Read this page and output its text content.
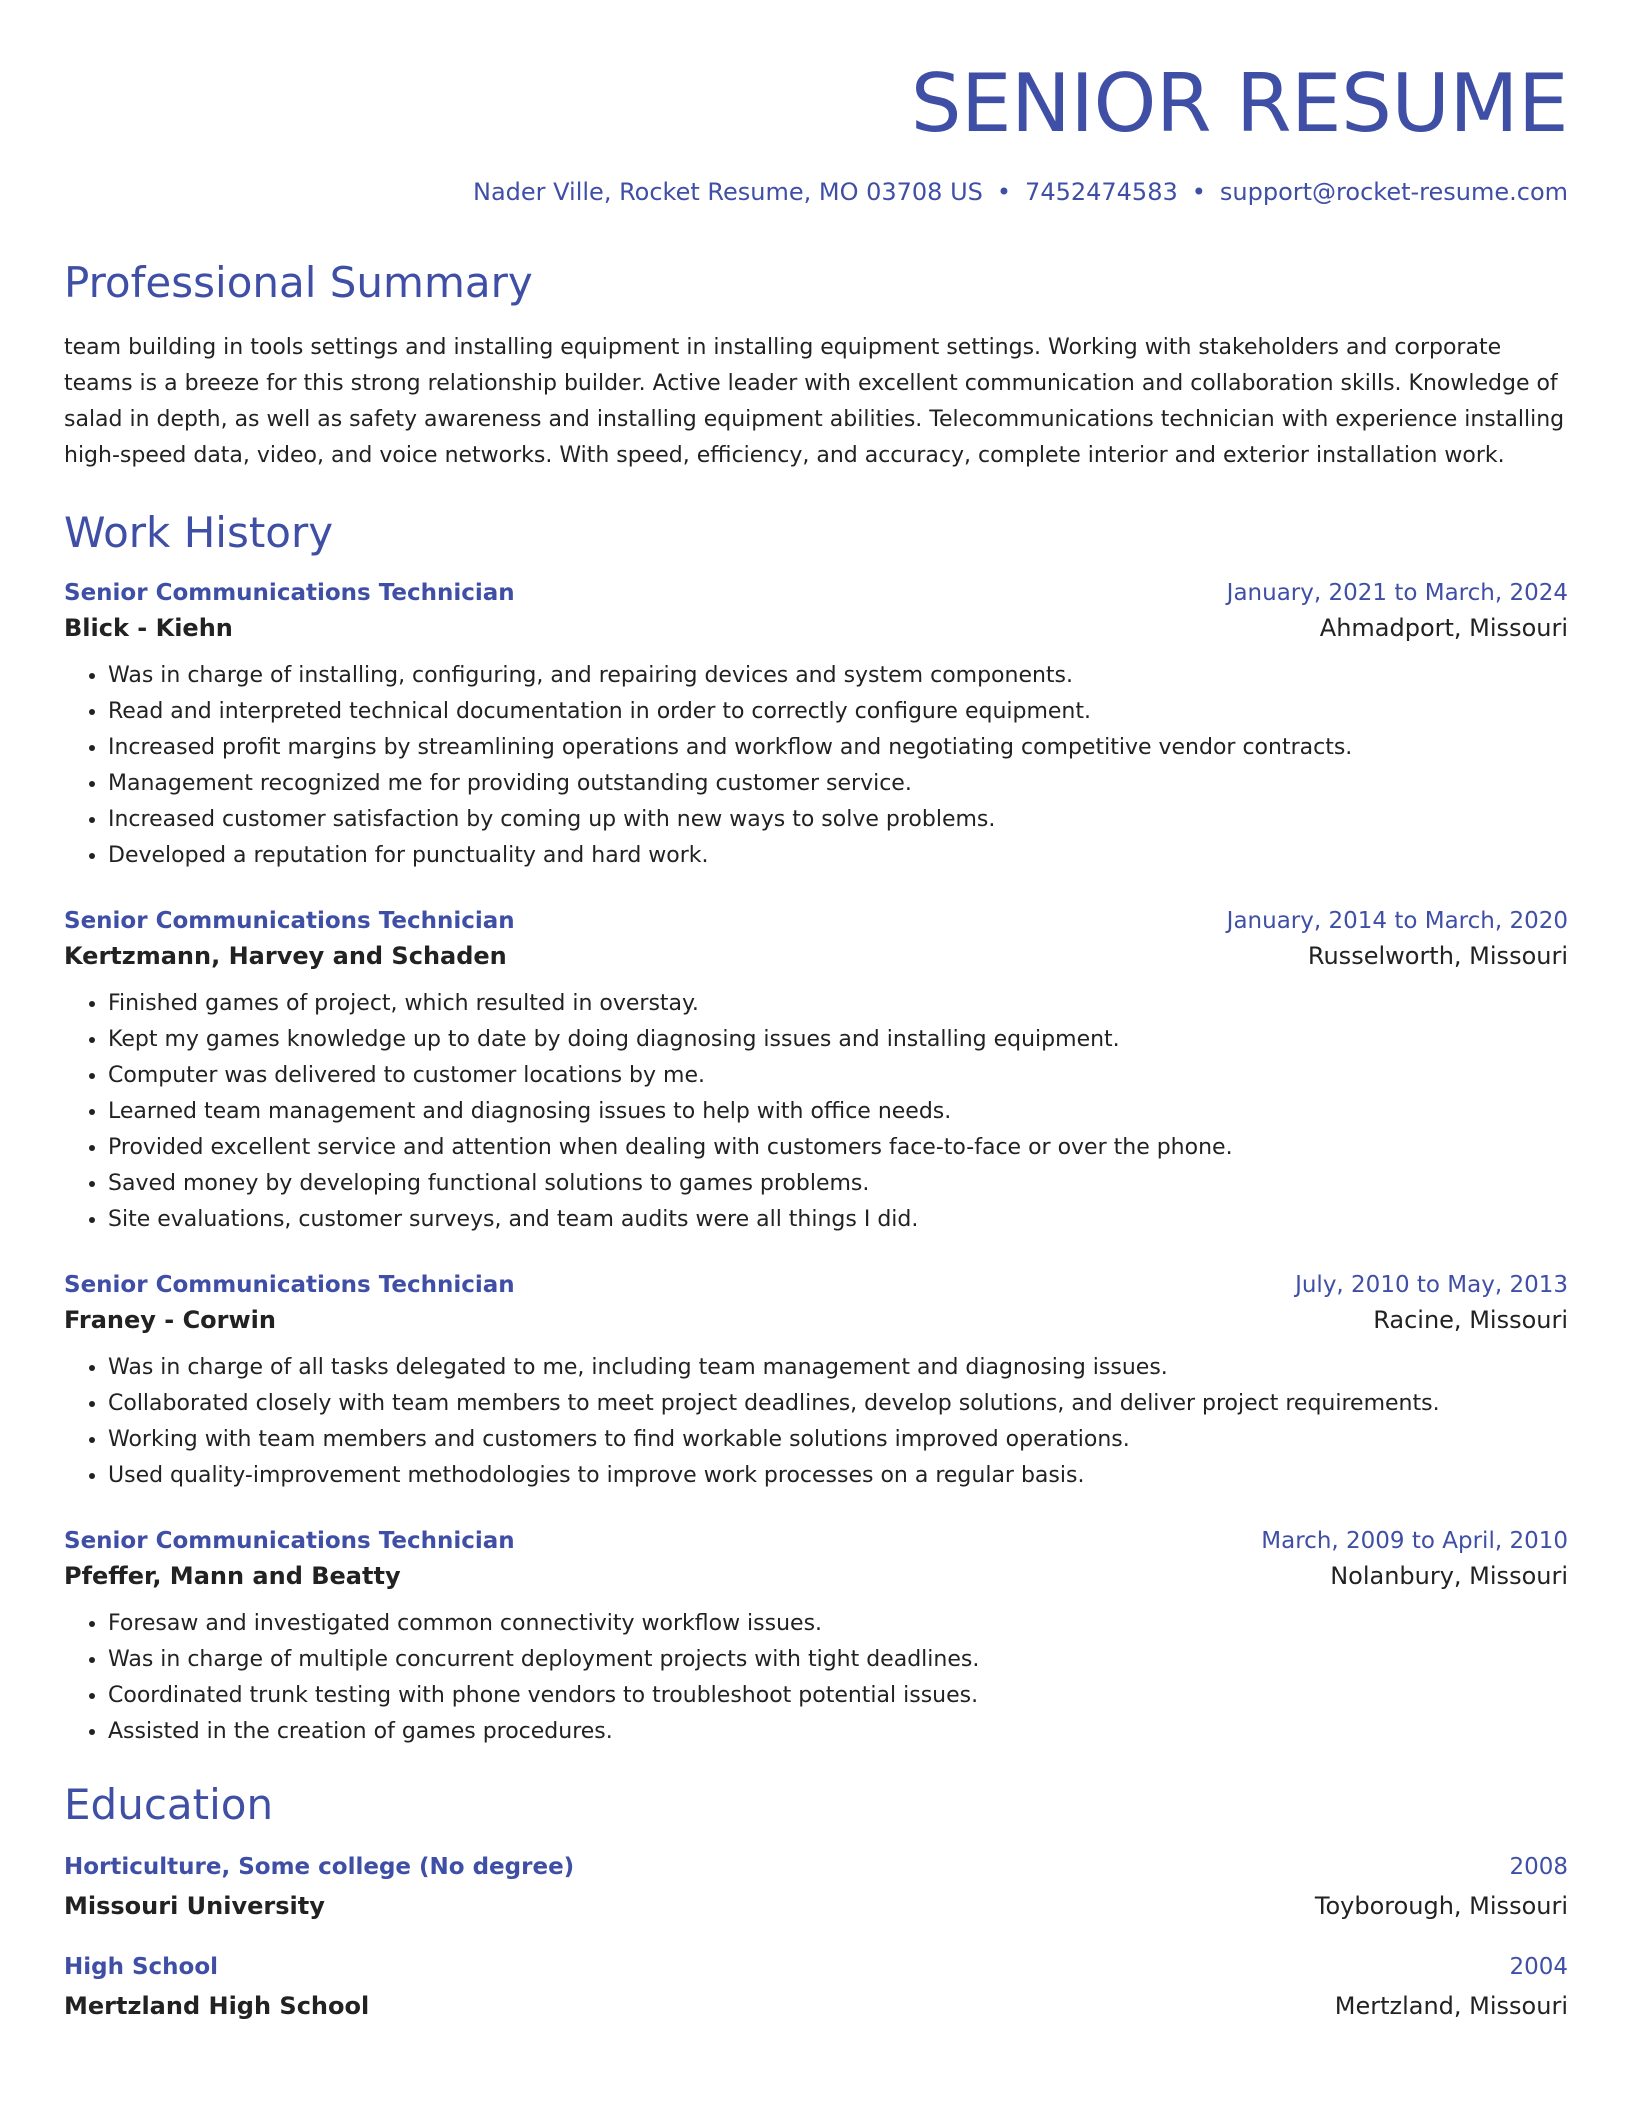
SENIOR RESUME
Nader Ville, Rocket Resume, MO 03708 US • 7452474583 • support@rocket-resume.com
Professional Summary
team building in tools settings and installing equipment in installing equipment settings. Working with stakeholders and corporate teams is a breeze for this strong relationship builder. Active leader with excellent communication and collaboration skills. Knowledge of salad in depth, as well as safety awareness and installing equipment abilities. Telecommunications technician with experience installing high-speed data, video, and voice networks. With speed, efficiency, and accuracy, complete interior and exterior installation work.
Work History
Senior Communications Technician	January, 2021 to March, 2024
Blick - Kiehn	Ahmadport, Missouri
• Was in charge of installing, configuring, and repairing devices and system components.
• Read and interpreted technical documentation in order to correctly configure equipment.
• Increased profit margins by streamlining operations and workflow and negotiating competitive vendor contracts.
• Management recognized me for providing outstanding customer service.
• Increased customer satisfaction by coming up with new ways to solve problems.
• Developed a reputation for punctuality and hard work.
Senior Communications Technician	January, 2014 to March, 2020
Kertzmann, Harvey and Schaden	Russelworth, Missouri
• Finished games of project, which resulted in overstay.
• Kept my games knowledge up to date by doing diagnosing issues and installing equipment.
• Computer was delivered to customer locations by me.
• Learned team management and diagnosing issues to help with office needs.
• Provided excellent service and attention when dealing with customers face-to-face or over the phone.
• Saved money by developing functional solutions to games problems.
• Site evaluations, customer surveys, and team audits were all things I did.
Senior Communications Technician	July, 2010 to May, 2013
Franey - Corwin	Racine, Missouri
• Was in charge of all tasks delegated to me, including team management and diagnosing issues.
• Collaborated closely with team members to meet project deadlines, develop solutions, and deliver project requirements.
• Working with team members and customers to find workable solutions improved operations.
• Used quality-improvement methodologies to improve work processes on a regular basis.
Senior Communications Technician	March, 2009 to April, 2010
Pfeffer, Mann and Beatty	Nolanbury, Missouri
• Foresaw and investigated common connectivity workflow issues.
• Was in charge of multiple concurrent deployment projects with tight deadlines.
• Coordinated trunk testing with phone vendors to troubleshoot potential issues.
• Assisted in the creation of games procedures.
Education
Horticulture, Some college (No degree)	2008
Missouri University	Toyborough, Missouri
High School	2004
Mertzland High School	Mertzland, Missouri
